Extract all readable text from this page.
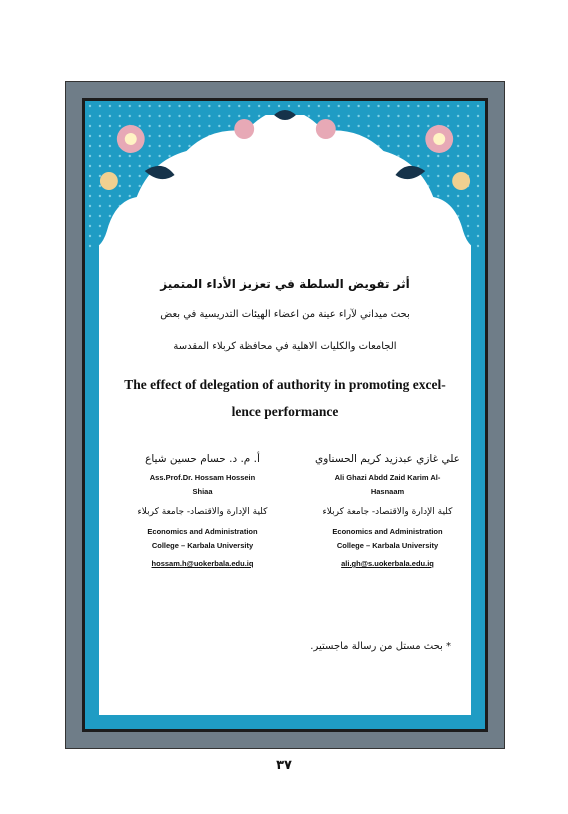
أثر تفويض السلطة في تعزيز الأداء المتميز
بحث ميداني لآراء عينة من اعضاء الهيئات التدريسية في بعض
الجامعات والكليات الاهلية في محافظة كربلاء المقدسة
The effect of delegation of authority in promoting excel-
lence performance
علي غازي عبدزيد كريم الحسناوي
Ali Ghazi Abdd Zaid Karim Al-
Hasnaam
كلية الإدارة والاقتصاد- جامعة كربلاء
Economics and Administration
College – Karbala University
ali.gh@s.uokerbala.edu.iq
أ. م. د. حسام حسين شياع
Ass.Prof.Dr. Hossam Hossein
Shiaa
كلية الإدارة والاقتصاد- جامعة كربلاء
Economics and Administration
College – Karbala University
hossam.h@uokerbala.edu.iq
* بحث مستل من رسالة ماجستير.
٣٧
